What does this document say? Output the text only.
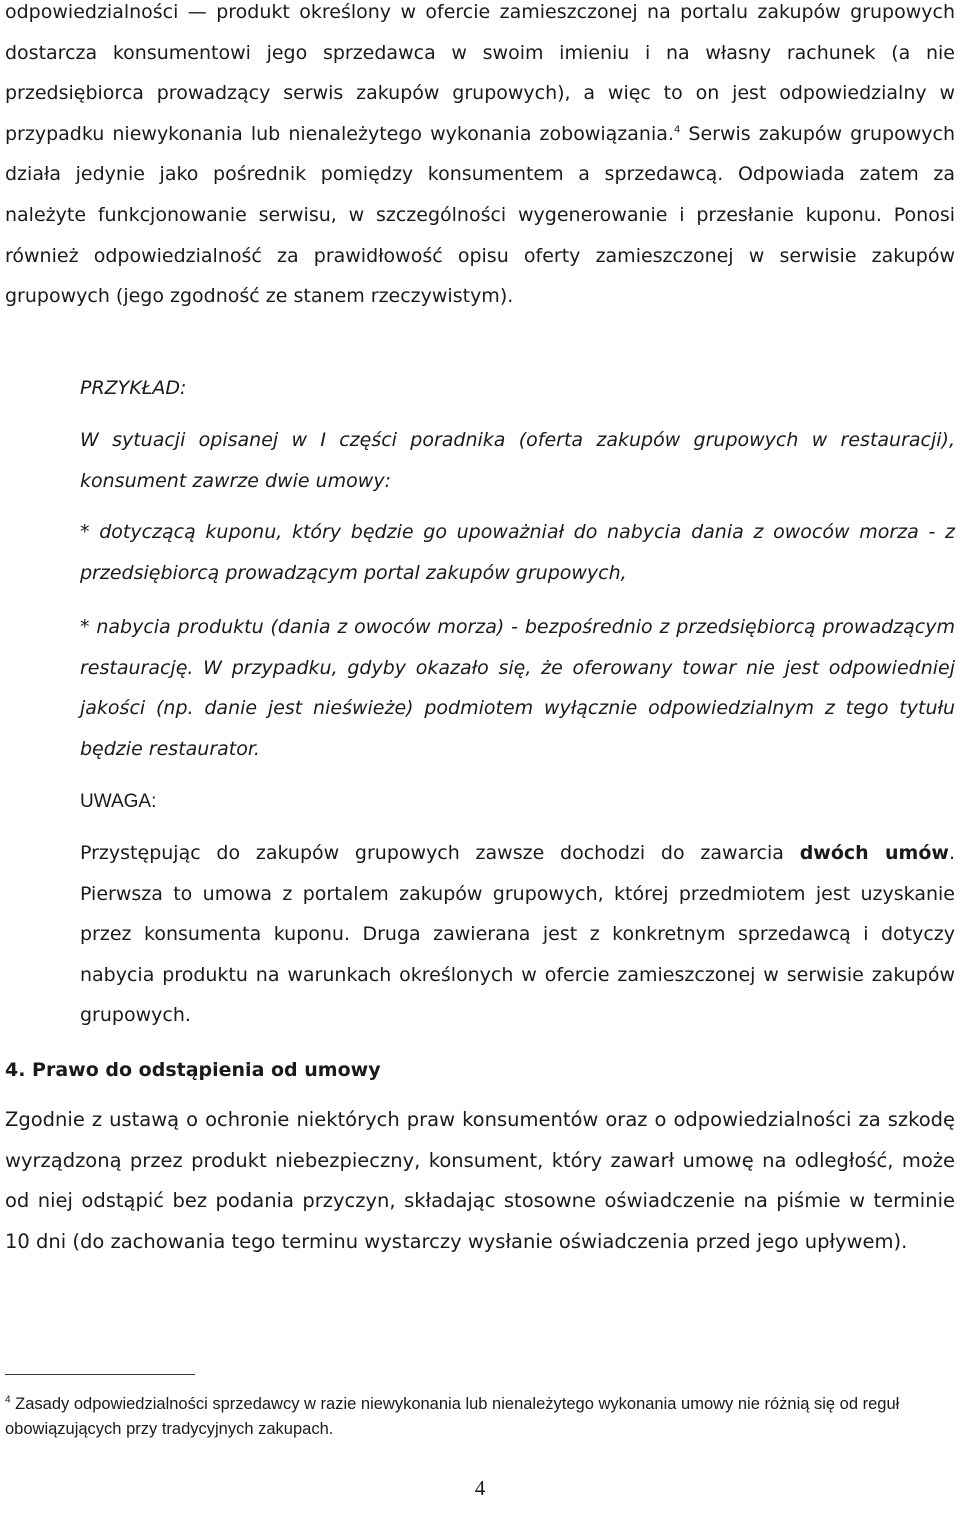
odpowiedzialności — produkt określony w ofercie zamieszczonej na portalu zakupów grupowych dostarcza konsumentowi jego sprzedawca w swoim imieniu i na własny rachunek (a nie przedsiębiorca prowadzący serwis zakupów grupowych), a więc to on jest odpowiedzialny w przypadku niewykonania lub nienależytego wykonania zobowiązania.$^4$ Serwis zakupów grupowych działa jedynie jako pośrednik pomiędzy konsumentem a sprzedawcą. Odpowiada zatem za należyte funkcjonowanie serwisu, w szczególności wygenerowanie i przesłanie kuponu. Ponosi również odpowiedzialność za prawidłowość opisu oferty zamieszczonej w serwisie zakupów grupowych (jego zgodność ze stanem rzeczywistym).

PRZYKŁAD:

W sytuacji opisanej w I części poradnika (oferta zakupów grupowych w restauracji), konsument zawrze dwie umowy:

* dotyczącą kuponu, który będzie go upoważniał do nabycia dania z owoców morza - z przedsiębiorcą prowadzącym portal zakupów grupowych,

* nabycia produktu (dania z owoców morza) - bezpośrednio z przedsiębiorcą prowadzącym restaurację. W przypadku, gdyby okazało się, że oferowany towar nie jest odpowiedniej jakości (np. danie jest nieświeże) podmiotem wyłącznie odpowiedzialnym z tego tytułu będzie restaurator.

UWAGA:

Przystępując do zakupów grupowych zawsze dochodzi do zawarcia dwóch umów. Pierwsza to umowa z portalem zakupów grupowych, której przedmiotem jest uzyskanie przez konsumenta kuponu. Druga zawierana jest z konkretnym sprzedawcą i dotyczy nabycia produktu na warunkach określonych w ofercie zamieszczonej w serwisie zakupów grupowych.

4. Prawo do odstąpienia od umowy

Zgodnie z ustawą o ochronie niektórych praw konsumentów oraz o odpowiedzialności za szkodę wyrządzoną przez produkt niebezpieczny, konsument, który zawarł umowę na odległość, może od niej odstąpić bez podania przyczyn, składając stosowne oświadczenie na piśmie w terminie 10 dni (do zachowania tego terminu wystarczy wysłanie oświadczenia przed jego upływem).

$^4$ Zasady odpowiedzialności sprzedawcy w razie niewykonania lub nienależytego wykonania umowy nie różnią się od reguł obowiązujących przy tradycyjnych zakupach.

4
